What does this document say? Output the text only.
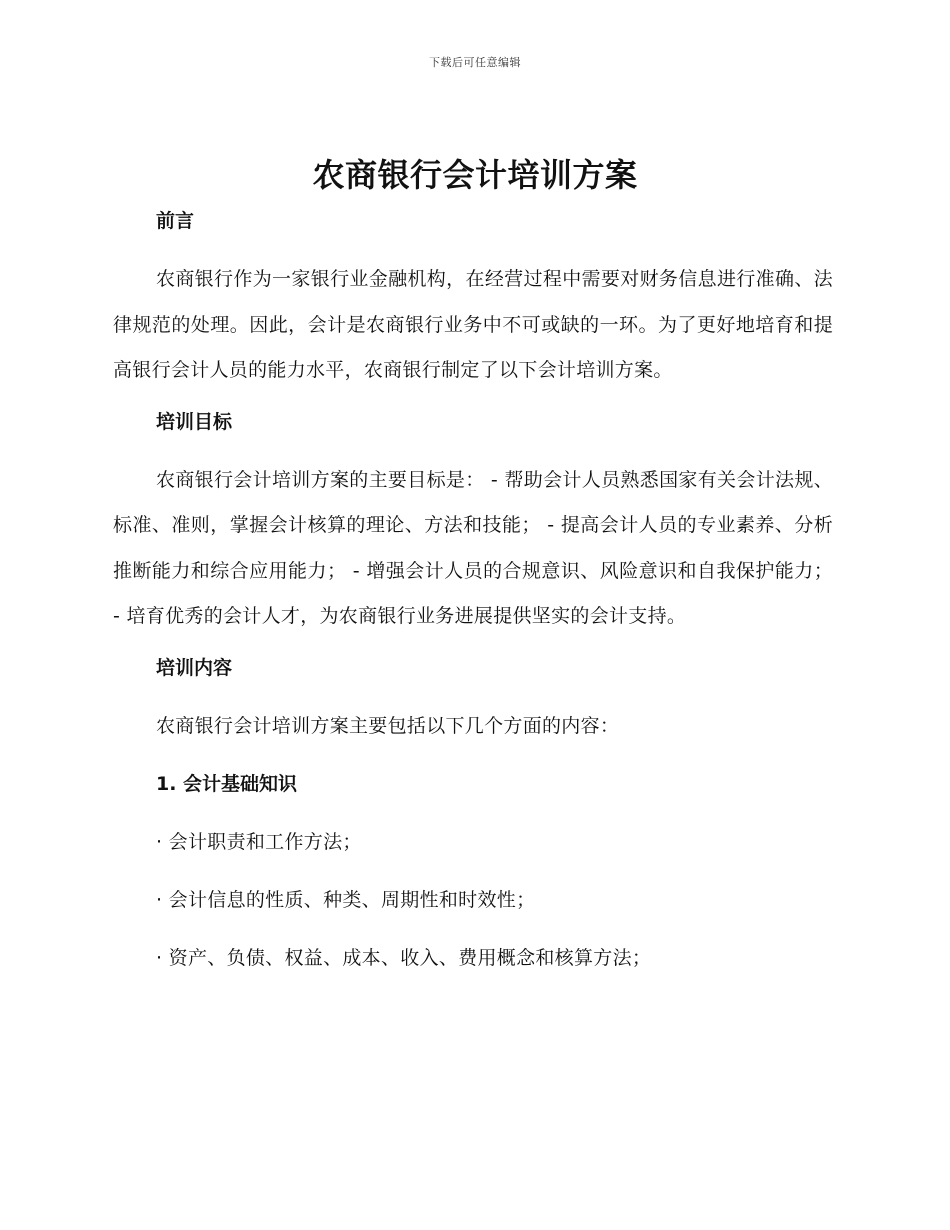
下载后可任意编辑
农商银行会计培训方案
前言
农商银行作为一家银行业金融机构，在经营过程中需要对财务信息进行准确、法律规范的处理。因此，会计是农商银行业务中不可或缺的一环。为了更好地培育和提高银行会计人员的能力水平，农商银行制定了以下会计培训方案。
培训目标
农商银行会计培训方案的主要目标是： - 帮助会计人员熟悉国家有关会计法规、标准、准则，掌握会计核算的理论、方法和技能； - 提高会计人员的专业素养、分析推断能力和综合应用能力； - 增强会计人员的合规意识、风险意识和自我保护能力； - 培育优秀的会计人才，为农商银行业务进展提供坚实的会计支持。
培训内容
农商银行会计培训方案主要包括以下几个方面的内容：
1. 会计基础知识
· 会计职责和工作方法；
· 会计信息的性质、种类、周期性和时效性；
· 资产、负债、权益、成本、收入、费用概念和核算方法；
